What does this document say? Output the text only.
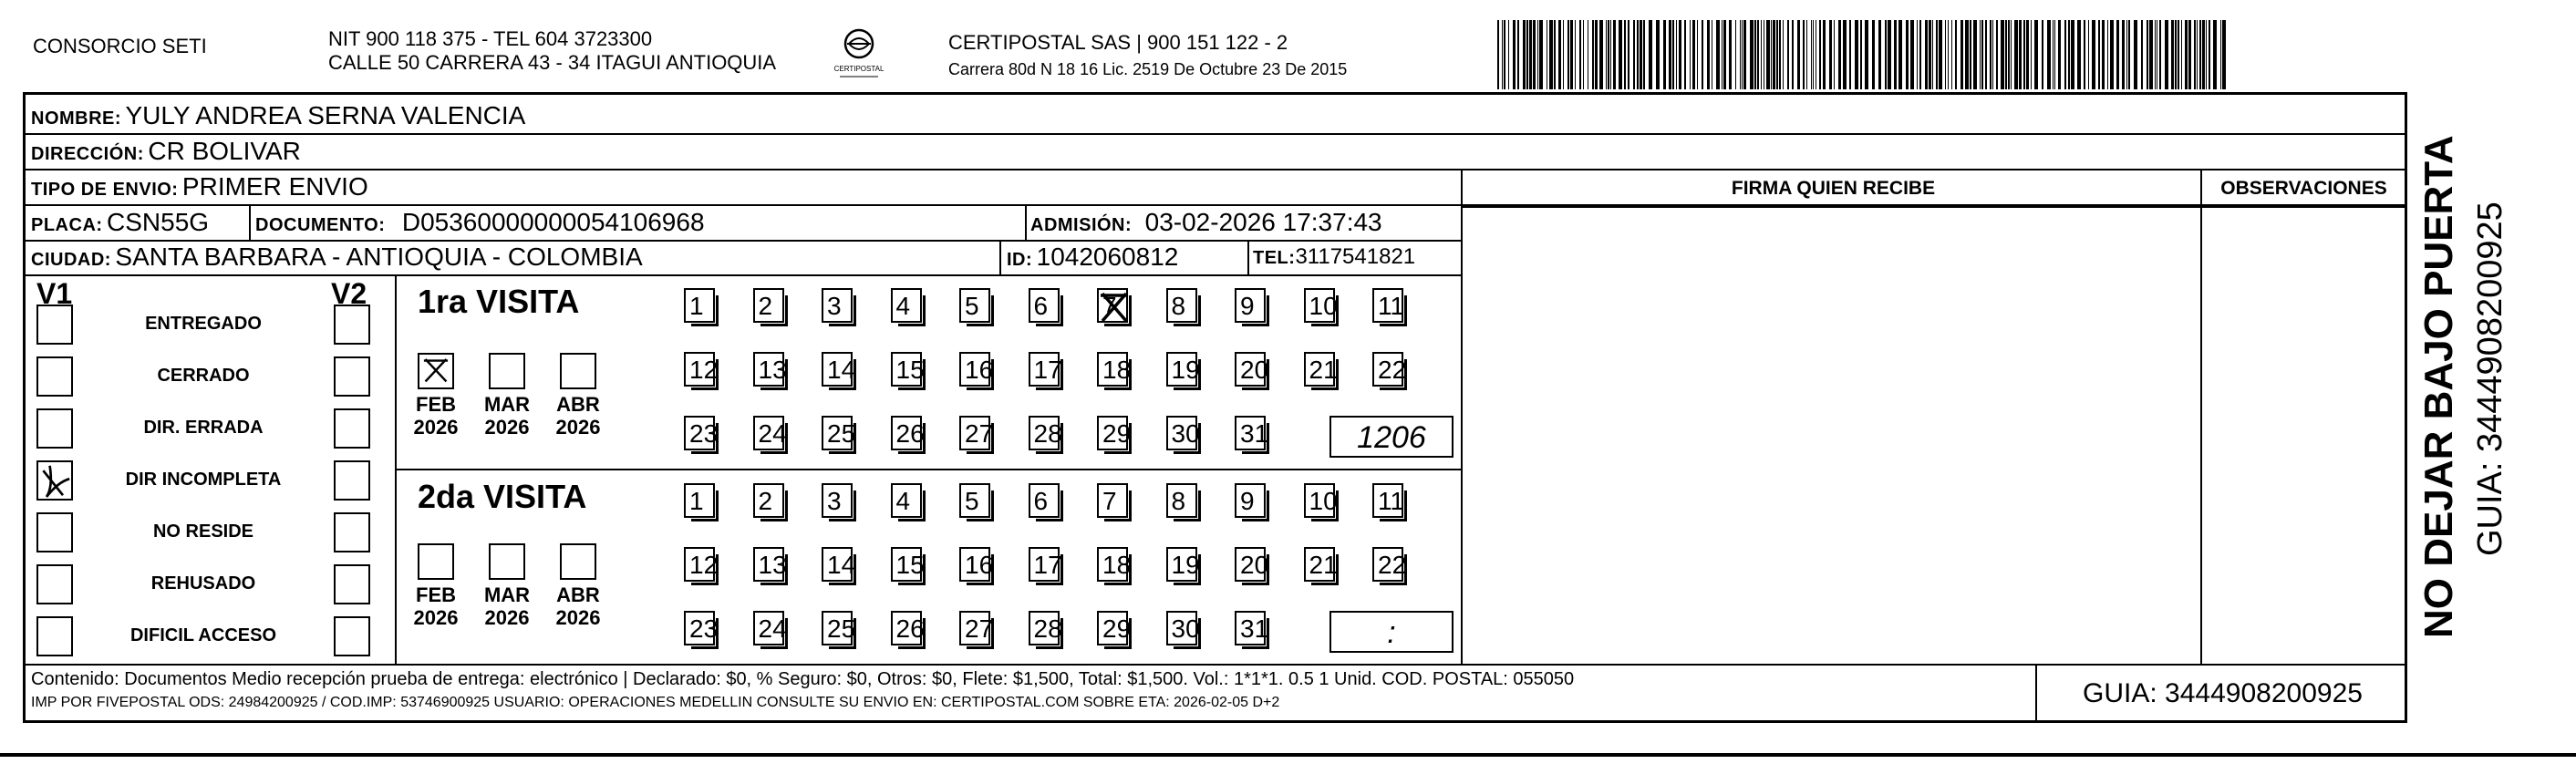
CONSORCIO SETI	NIT 900 118 375 - TEL 604 3723300
CALLE 50 CARRERA 43 - 34 ITAGUI ANTIOQUIA	CERTIPOSTAL
CERTIPOSTAL SAS | 900 151 122 - 2
Carrera 80d N 18 16 Lic. 2519 De Octubre 23 De 2015
NOMBRE: YULY ANDREA SERNA VALENCIA
DIRECCIÓN: CR BOLIVAR
TIPO DE ENVIO: PRIMER ENVIO	FIRMA QUIEN RECIBE	OBSERVACIONES
PLACA: CSN55G	DOCUMENTO: D05360000000054106968	ADMISIÓN: 03-02-2026 17:37:43
CIUDAD: SANTA BARBARA - ANTIOQUIA - COLOMBIA	ID: 1042060812	TEL:3117541821
V1	V2
ENTREGADO
CERRADO
DIR. ERRADA
DIR INCOMPLETA
NO RESIDE
REHUSADO
DIFICIL ACCESO
1ra VISITA
FEB
2026
MAR
2026
ABR
2026
1	2	3	4	5	6	7	8	9	10 11
12 13 14 15 16 17 18 19 20 21 22
23 24 25 26 27 28 29 30 31	1206
2da VISITA
FEB
2026
MAR
2026
ABR
2026
1	2	3	4	5	6	7	8	9	10 11
12 13 14 15 16 17 18 19 20 21 22
23 24 25 26 27 28 29 30 31	:
Contenido: Documentos Medio recepción prueba de entrega: electrónico | Declarado: $0, % Seguro: $0, Otros: $0, Flete: $1,500, Total: $1,500. Vol.: 1*1*1. 0.5 1 Unid. COD. POSTAL: 055050
IMP POR FIVEPOSTAL ODS: 24984200925 / COD.IMP: 53746900925 USUARIO: OPERACIONES MEDELLIN CONSULTE SU ENVIO EN: CERTIPOSTAL.COM SOBRE ETA: 2026-02-05 D+2	GUIA: 3444908200925
NO DEJAR BAJO PUERTA GUIA: 3444908200925
